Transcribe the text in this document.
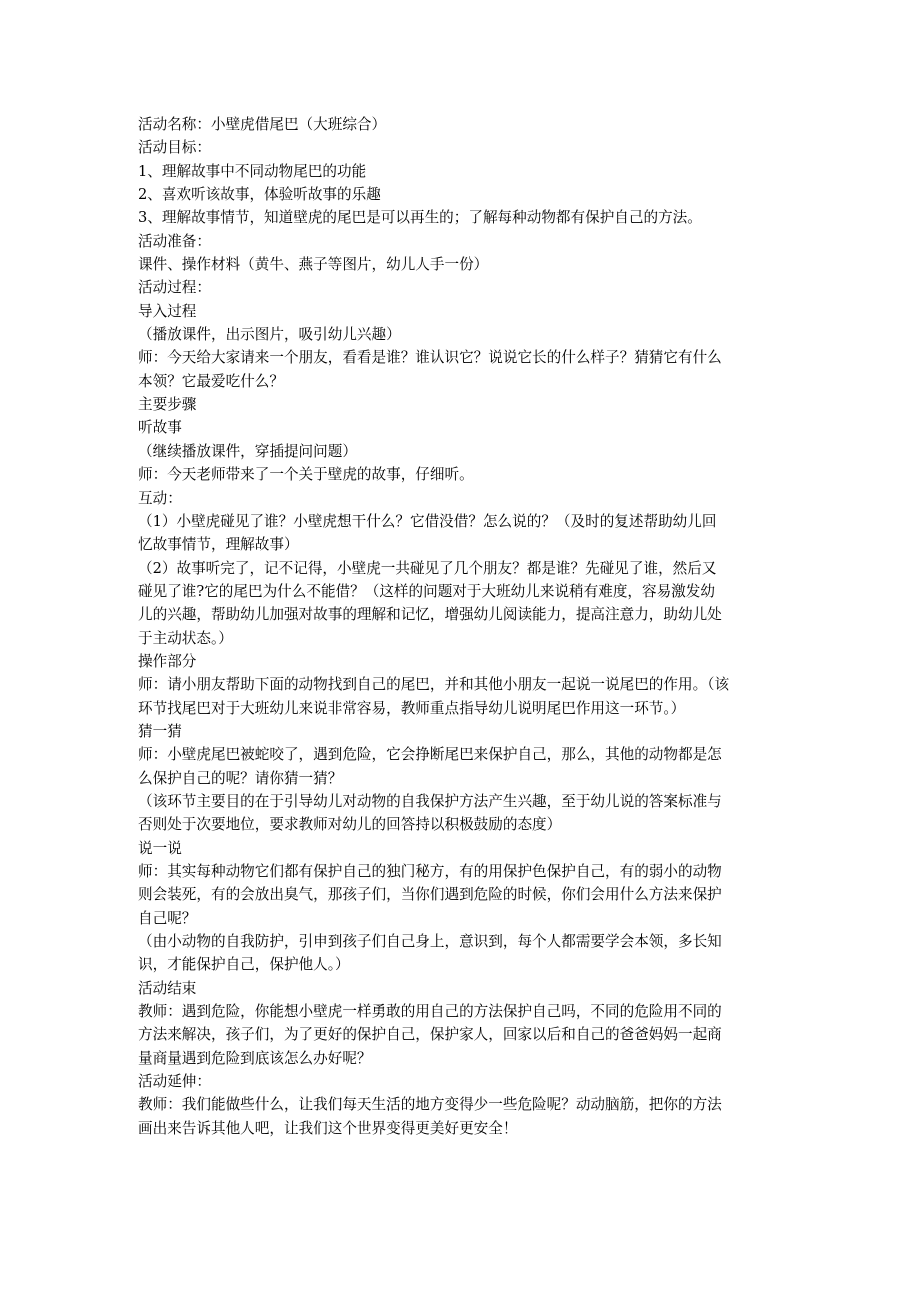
活动名称：小壁虎借尾巴（大班综合）
活动目标：
1、理解故事中不同动物尾巴的功能
2、喜欢听该故事，体验听故事的乐趣
3、理解故事情节，知道壁虎的尾巴是可以再生的；了解每种动物都有保护自己的方法。
活动准备：
课件、操作材料（黄牛、燕子等图片，幼儿人手一份）
活动过程：
导入过程
（播放课件，出示图片，吸引幼儿兴趣）
师：今天给大家请来一个朋友，看看是谁？谁认识它？说说它长的什么样子？猜猜它有什么
本领？它最爱吃什么？
主要步骤
听故事
（继续播放课件，穿插提问问题）
师：今天老师带来了一个关于壁虎的故事，仔细听。
互动：
（1）小壁虎碰见了谁？小壁虎想干什么？它借没借？怎么说的？（及时的复述帮助幼儿回
忆故事情节，理解故事）
（2）故事听完了，记不记得，小壁虎一共碰见了几个朋友？都是谁？先碰见了谁，然后又
碰见了谁?它的尾巴为什么不能借？（这样的问题对于大班幼儿来说稍有难度，容易激发幼
儿的兴趣，帮助幼儿加强对故事的理解和记忆，增强幼儿阅读能力，提高注意力，助幼儿处
于主动状态。）
操作部分
师：请小朋友帮助下面的动物找到自己的尾巴，并和其他小朋友一起说一说尾巴的作用。（该
环节找尾巴对于大班幼儿来说非常容易，教师重点指导幼儿说明尾巴作用这一环节。）
猜一猜
师：小壁虎尾巴被蛇咬了，遇到危险，它会挣断尾巴来保护自己，那么，其他的动物都是怎
么保护自己的呢？请你猜一猜？
（该环节主要目的在于引导幼儿对动物的自我保护方法产生兴趣，至于幼儿说的答案标准与
否则处于次要地位，要求教师对幼儿的回答持以积极鼓励的态度）
说一说
师：其实每种动物它们都有保护自己的独门秘方，有的用保护色保护自己，有的弱小的动物
则会装死，有的会放出臭气，那孩子们，当你们遇到危险的时候，你们会用什么方法来保护
自己呢？
（由小动物的自我防护，引申到孩子们自己身上，意识到，每个人都需要学会本领，多长知
识，才能保护自己，保护他人。）
活动结束
教师：遇到危险，你能想小壁虎一样勇敢的用自己的方法保护自己吗，不同的危险用不同的
方法来解决，孩子们，为了更好的保护自己，保护家人，回家以后和自己的爸爸妈妈一起商
量商量遇到危险到底该怎么办好呢？
活动延伸：
教师：我们能做些什么，让我们每天生活的地方变得少一些危险呢？动动脑筋，把你的方法
画出来告诉其他人吧，让我们这个世界变得更美好更安全！
